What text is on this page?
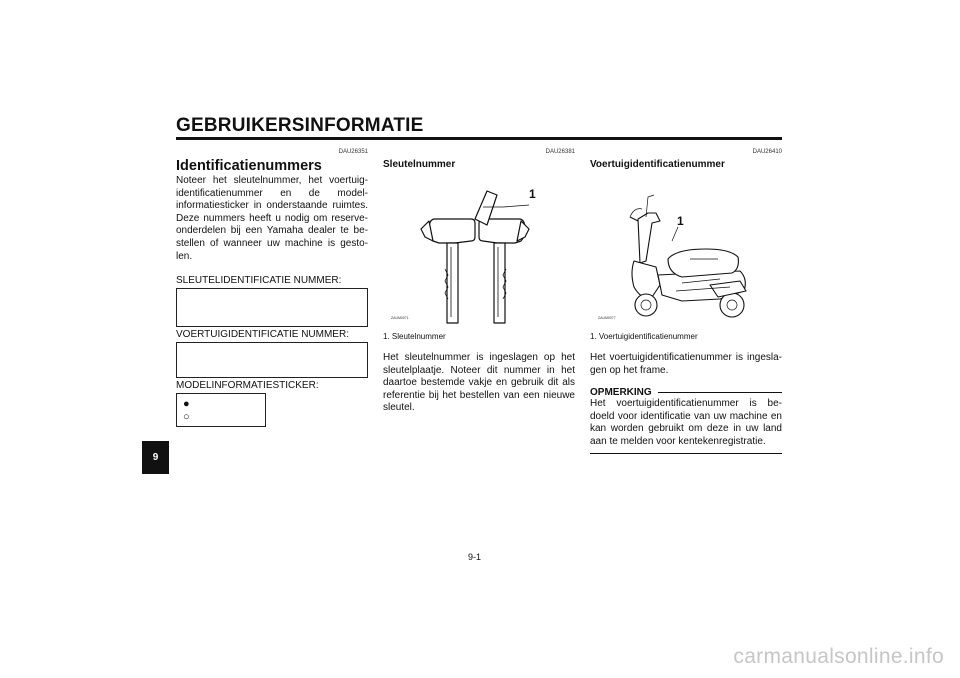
GEBRUIKERSINFORMATIE
9
DAU26351
Identificatienummers

Noteer het sleutelnummer, het voertuig-identificatienummer en de model-informatiesticker in onderstaande ruimtes. Deze nummers heeft u nodig om reserve-onderdelen bij een Yamaha dealer te be-stellen of wanneer uw machine is gesto-len.

SLEUTELIDENTIFICATIE NUMMER:
VOERTUIGIDENTIFICATIE NUMMER:
MODELINFORMATIESTICKER:
●
○
DAU26381
Sleutelnummer
1
ZAUM0071
1. Sleutelnummer

Het sleutelnummer is ingeslagen op het sleutelplaatje. Noteer dit nummer in het daartoe bestemde vakje en gebruik dit als referentie bij het bestellen van een nieuwe sleutel.

DAU26410
Voertuigidentificatienummer
1
ZAUM0077
1. Voertuigidentificatienummer

Het voertuigidentificatienummer is ingesla-gen op het frame.

OPMERKING

Het voertuigidentificatienummer is be-doeld voor identificatie van uw machine en kan worden gebruikt om deze in uw land aan te melden voor kentekenregistratie.

9-1
carmanualsonline.info
